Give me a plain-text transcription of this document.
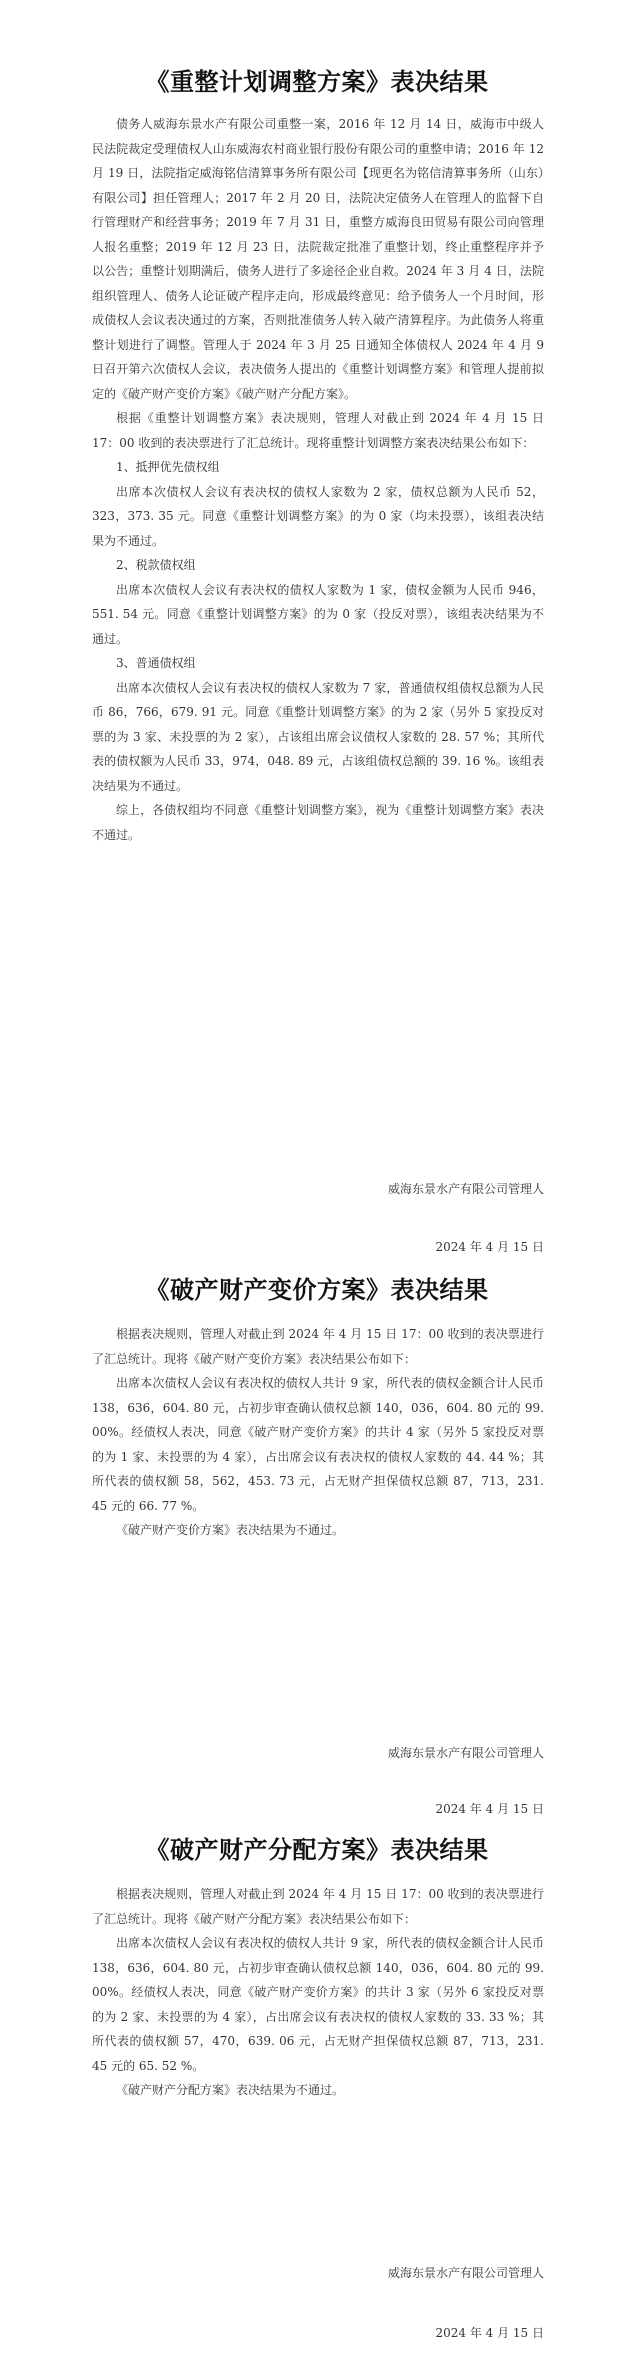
《重整计划调整方案》表决结果

债务人威海东景水产有限公司重整一案，2016 年 12 月 14 日，威海市中级人民法院裁定受理债权人山东威海农村商业银行股份有限公司的重整申请；2016 年 12 月 19 日，法院指定威海铭信清算事务所有限公司【现更名为铭信清算事务所（山东）有限公司】担任管理人；2017 年 2 月 20 日，法院决定债务人在管理人的监督下自行管理财产和经营事务；2019 年 7 月 31 日，重整方威海良田贸易有限公司向管理人报名重整；2019 年 12 月 23 日，法院裁定批准了重整计划，终止重整程序并予以公告；重整计划期满后，债务人进行了多途径企业自救。2024 年 3 月 4 日，法院组织管理人、债务人论证破产程序走向，形成最终意见：给予债务人一个月时间，形成债权人会议表决通过的方案，否则批准债务人转入破产清算程序。为此债务人将重整计划进行了调整。管理人于 2024 年 3 月 25 日通知全体债权人 2024 年 4 月 9 日召开第六次债权人会议，表决债务人提出的《重整计划调整方案》和管理人提前拟定的《破产财产变价方案》《破产财产分配方案》。

根据《重整计划调整方案》表决规则，管理人对截止到 2024 年 4 月 15 日 17：00 收到的表决票进行了汇总统计。现将重整计划调整方案表决结果公布如下：

1、抵押优先债权组

出席本次债权人会议有表决权的债权人家数为 2 家，债权总额为人民币 52，323，373. 35 元。同意《重整计划调整方案》的为 0 家（均未投票），该组表决结果为不通过。

2、税款债权组

出席本次债权人会议有表决权的债权人家数为 1 家，债权金额为人民币 946，551. 54 元。同意《重整计划调整方案》的为 0 家（投反对票），该组表决结果为不通过。

3、普通债权组

出席本次债权人会议有表决权的债权人家数为 7 家，普通债权组债权总额为人民币 86，766，679. 91 元。同意《重整计划调整方案》的为 2 家（另外 5 家投反对票的为 3 家、未投票的为 2 家），占该组出席会议债权人家数的 28. 57 %；其所代表的债权额为人民币 33，974，048. 89 元，占该组债权总额的 39. 16 %。该组表决结果为不通过。

综上，各债权组均不同意《重整计划调整方案》，视为《重整计划调整方案》表决不通过。

威海东景水产有限公司管理人
2024 年 4 月 15 日
《破产财产变价方案》表决结果

根据表决规则，管理人对截止到 2024 年 4 月 15 日 17：00 收到的表决票进行了汇总统计。现将《破产财产变价方案》表决结果公布如下：

出席本次债权人会议有表决权的债权人共计 9 家，所代表的债权金额合计人民币 138，636，604. 80 元，占初步审查确认债权总额 140，036，604. 80 元的 99. 00%。经债权人表决，同意《破产财产变价方案》的共计 4 家（另外 5 家投反对票的为 1 家、未投票的为 4 家），占出席会议有表决权的债权人家数的 44. 44 %；其所代表的债权额 58，562，453. 73 元，占无财产担保债权总额 87，713，231. 45 元的 66. 77 %。

《破产财产变价方案》表决结果为不通过。

威海东景水产有限公司管理人
2024 年 4 月 15 日
《破产财产分配方案》表决结果

根据表决规则，管理人对截止到 2024 年 4 月 15 日 17：00 收到的表决票进行了汇总统计。现将《破产财产分配方案》表决结果公布如下：

出席本次债权人会议有表决权的债权人共计 9 家，所代表的债权金额合计人民币 138，636，604. 80 元，占初步审查确认债权总额 140，036，604. 80 元的 99. 00%。经债权人表决，同意《破产财产变价方案》的共计 3 家（另外 6 家投反对票的为 2 家、未投票的为 4 家），占出席会议有表决权的债权人家数的 33. 33 %；其所代表的债权额 57，470，639. 06 元，占无财产担保债权总额 87，713，231. 45 元的 65. 52 %。

《破产财产分配方案》表决结果为不通过。

威海东景水产有限公司管理人
2024 年 4 月 15 日
